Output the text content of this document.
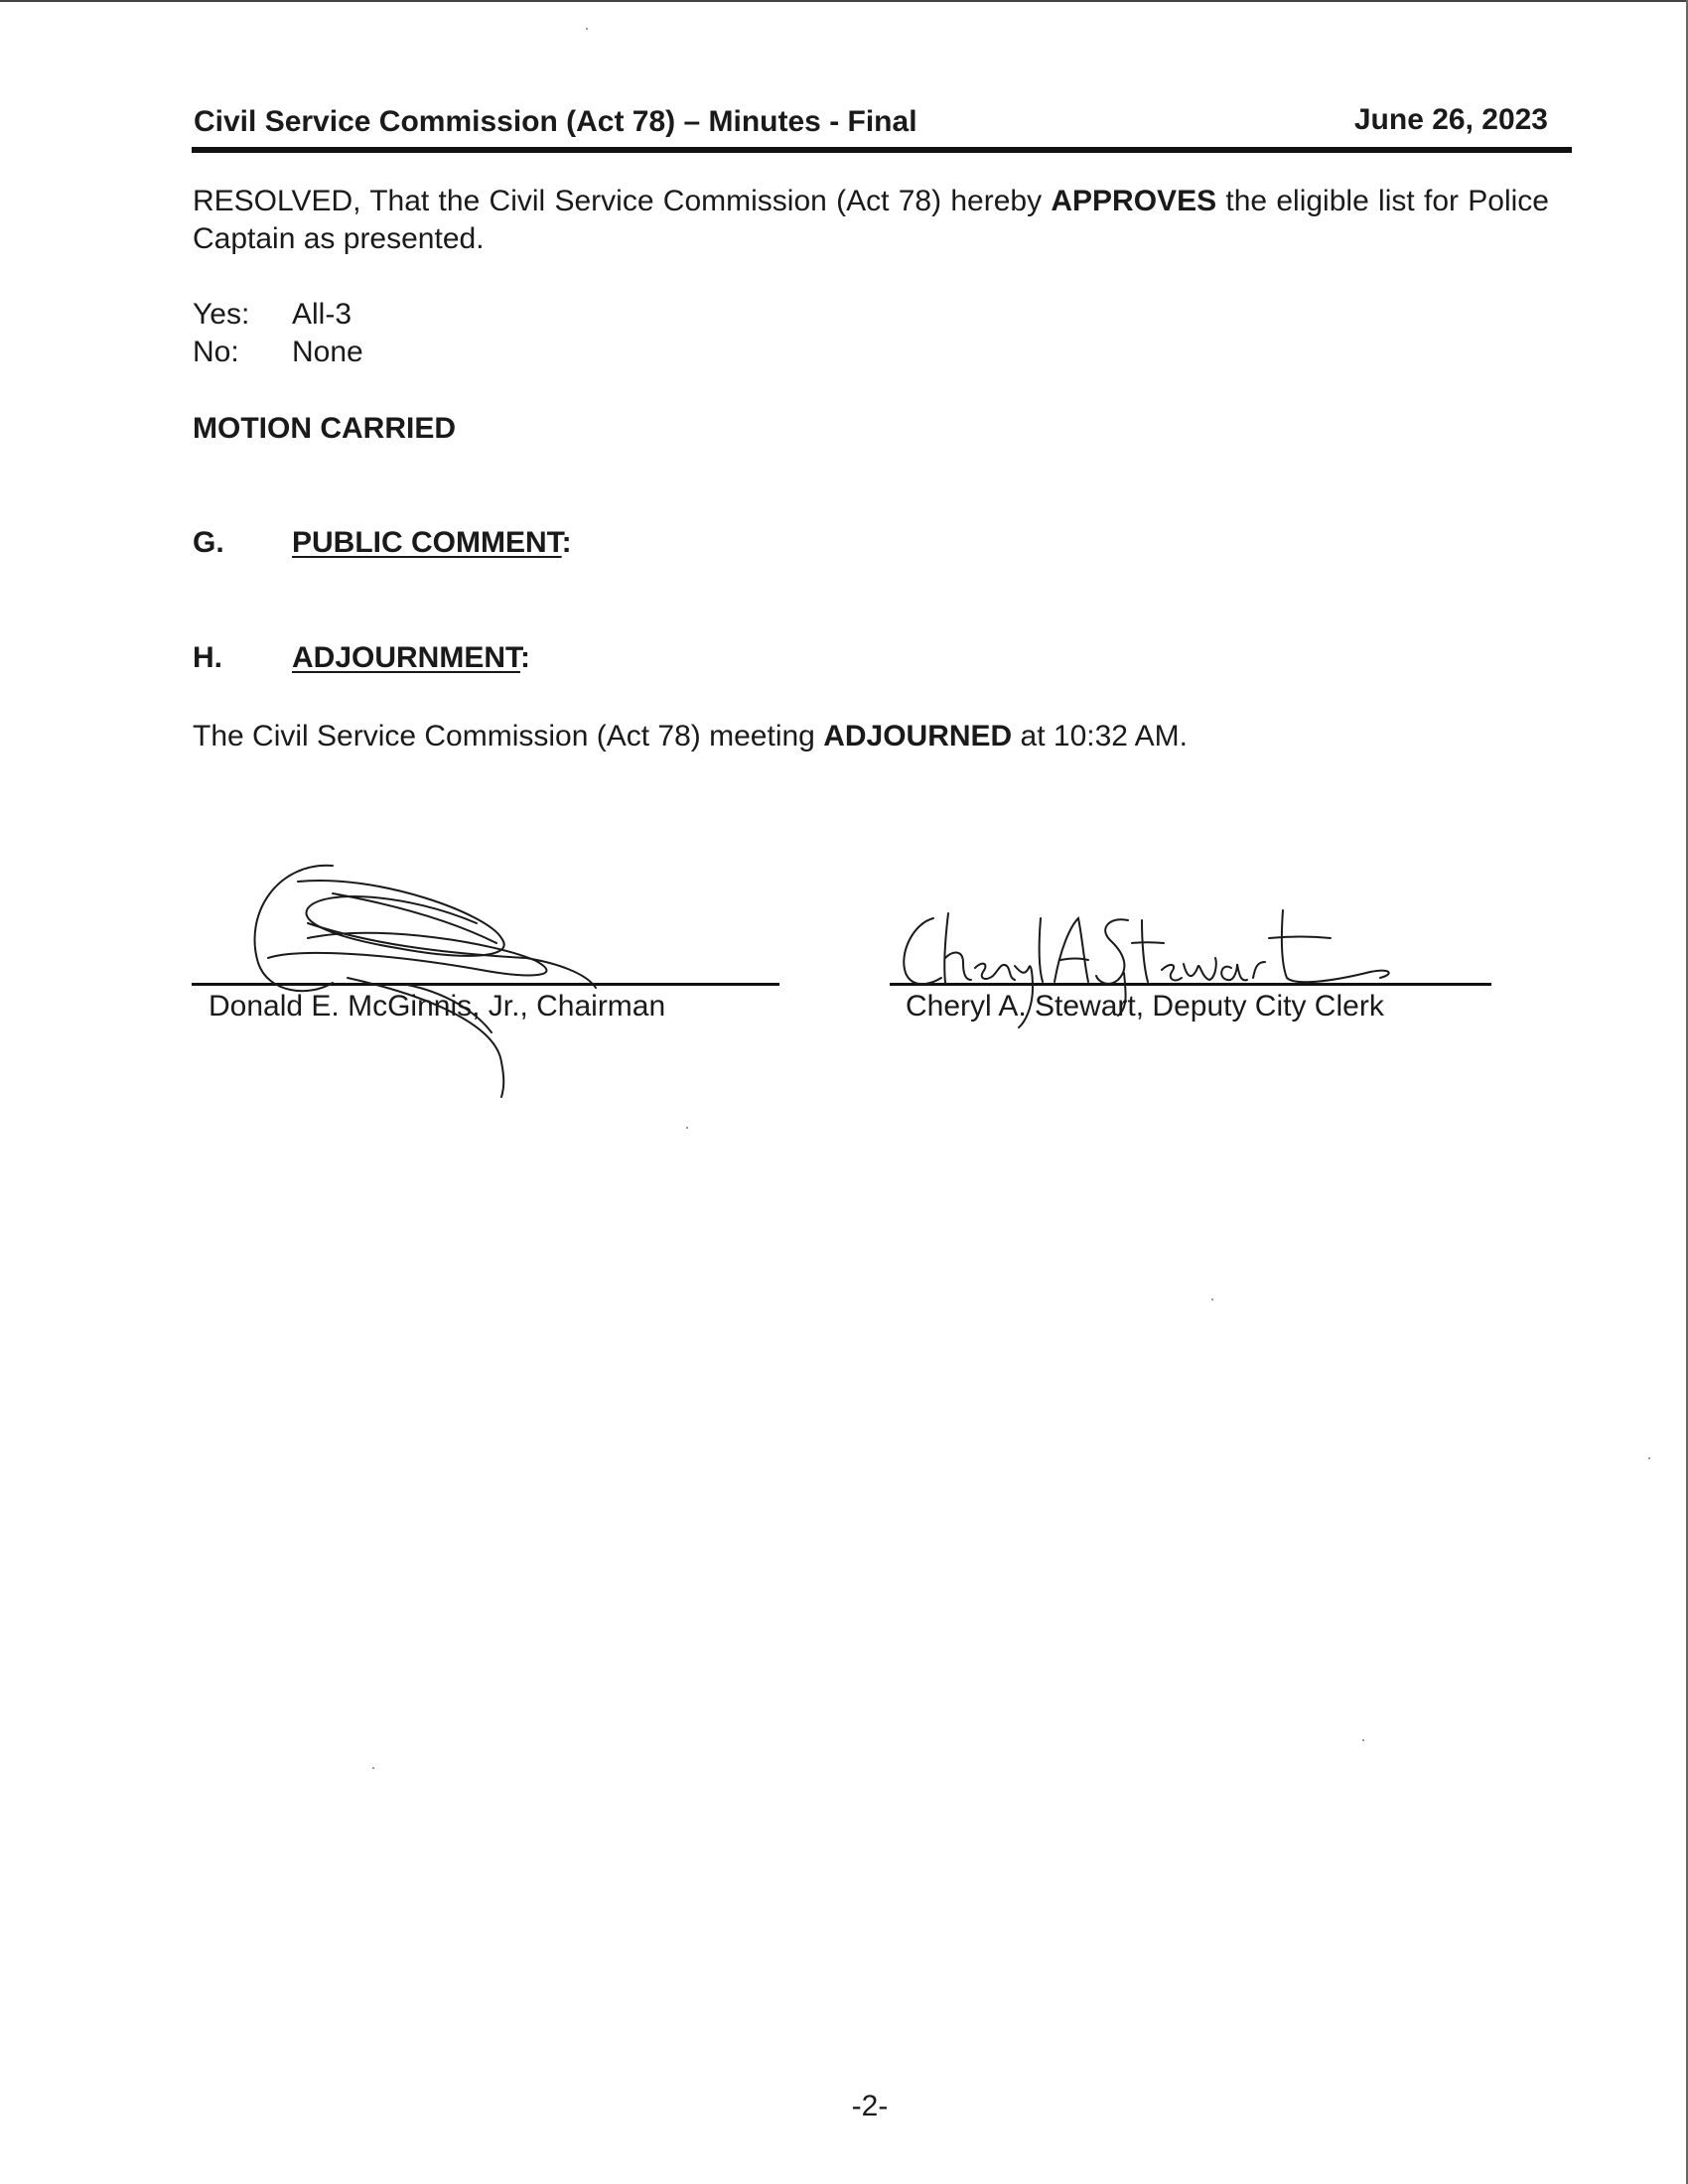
Civil Service Commission (Act 78) – Minutes - Final	June 26, 2023
RESOLVED, That the Civil Service Commission (Act 78) hereby APPROVES the eligible list for Police Captain as presented.
Yes:	All-3
No:	None
MOTION CARRIED
G. PUBLIC COMMENT:
H. ADJOURNMENT:
The Civil Service Commission (Act 78) meeting ADJOURNED at 10:32 AM.
Donald E. McGinnis, Jr., Chairman	Cheryl A. Stewart, Deputy City Clerk
-2-
